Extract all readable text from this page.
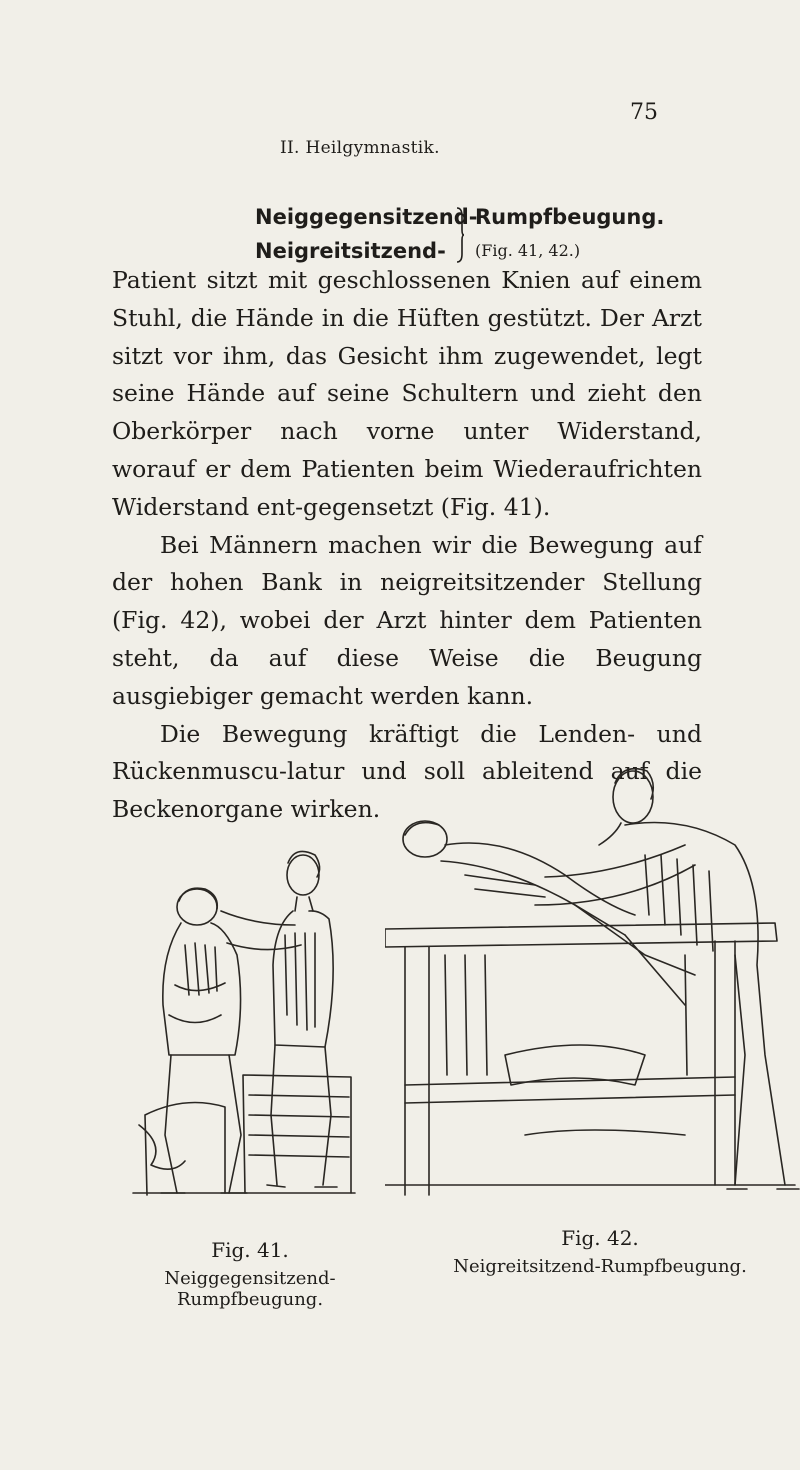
II. Heilgymnastik.
75
Neiggegensitzend-
Neigreitsitzend-
Rumpfbeugung.
(Fig. 41, 42.)

Patient sitzt mit geschlossenen Knien auf einem Stuhl, die Hände in die Hüften gestützt. Der Arzt sitzt vor ihm, das Gesicht ihm zugewendet, legt seine Hände auf seine Schultern und zieht den Oberkörper nach vorne unter Widerstand, worauf er dem Patienten beim Wiederaufrichten Widerstand ent-gegensetzt (Fig. 41).

Bei Männern machen wir die Bewegung auf der hohen Bank in neigreitsitzender Stellung (Fig. 42), wobei der Arzt hinter dem Patienten steht, da auf diese Weise die Beugung ausgiebiger gemacht werden kann.

Die Bewegung kräftigt die Lenden- und Rückenmuscu-latur und soll ableitend auf die Beckenorgane wirken.

Fig. 41.
Neiggegensitzend-Rumpfbeugung.
Fig. 42.
Neigreitsitzend-Rumpfbeugung.
